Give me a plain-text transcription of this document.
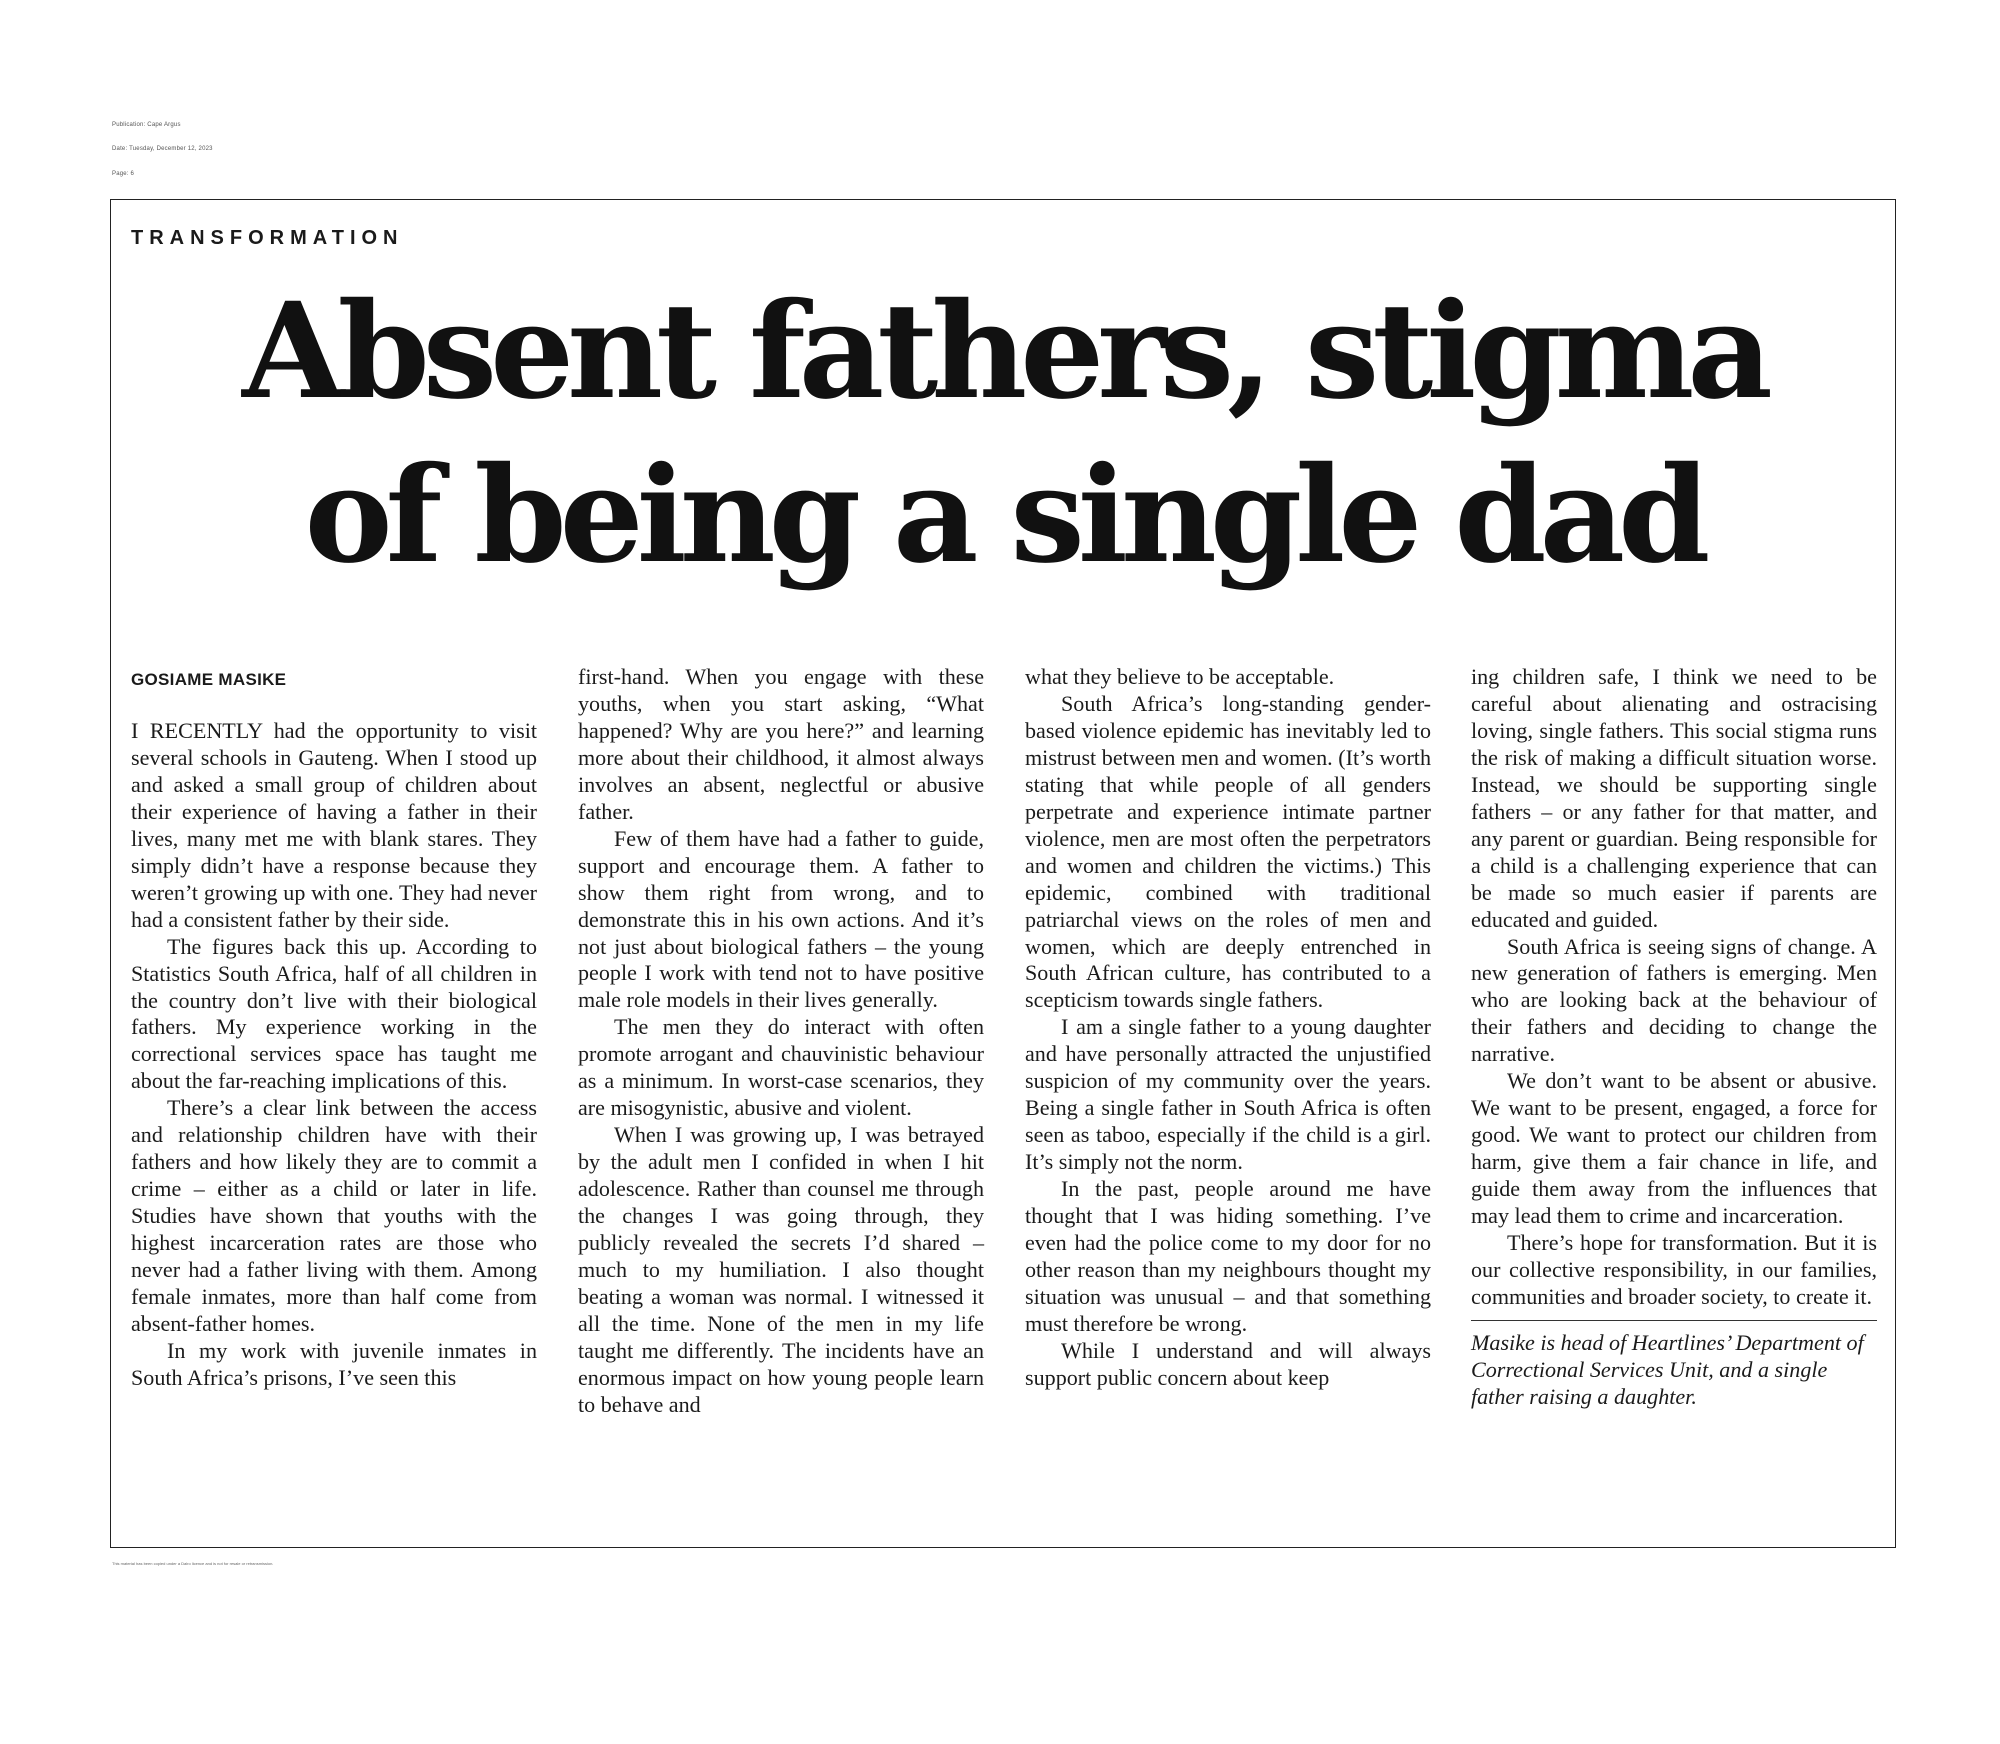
Publication: Cape Argus
Date: Tuesday, December 12, 2023
Page: 6
TRANSFORMATION
Absent fathers, stigma
of being a single dad
GOSIAME MASIKE

I RECENTLY had the opportunity to visit several schools in Gauteng. When I stood up and asked a small group of children about their experience of having a father in their lives, many met me with blank stares. They simply didn’t have a response because they weren’t growing up with one. They had never had a consistent father by their side.

The figures back this up. According to Statistics South Africa, half of all children in the country don’t live with their biological fathers. My experience working in the correctional services space has taught me about the far-reaching implications of this.

There’s a clear link between the access and relationship children have with their fathers and how likely they are to commit a crime – either as a child or later in life. Studies have shown that youths with the highest incarceration rates are those who never had a father living with them. Among female inmates, more than half come from absent-father homes.

In my work with juvenile inmates in South Africa’s prisons, I’ve seen this

first-hand. When you engage with these youths, when you start asking, “What happened? Why are you here?” and learning more about their childhood, it almost always involves an absent, neglectful or abusive father.

Few of them have had a father to guide, support and encourage them. A father to show them right from wrong, and to demonstrate this in his own actions. And it’s not just about biological fathers – the young people I work with tend not to have positive male role models in their lives generally.

The men they do interact with often promote arrogant and chauvinistic behaviour as a minimum. In worst-case scenarios, they are misogynistic, abusive and violent.

When I was growing up, I was betrayed by the adult men I confided in when I hit adolescence. Rather than counsel me through the changes I was going through, they publicly revealed the secrets I’d shared – much to my humiliation. I also thought beating a woman was normal. I witnessed it all the time. None of the men in my life taught me differently. The incidents have an enormous impact on how young people learn to behave and

what they believe to be acceptable.

South Africa’s long-standing gender-based violence epidemic has inevitably led to mistrust between men and women. (It’s worth stating that while people of all genders perpetrate and experience intimate partner violence, men are most often the perpetrators and women and children the victims.) This epidemic, combined with traditional patriarchal views on the roles of men and women, which are deeply entrenched in South African culture, has contributed to a scepticism towards single fathers.

I am a single father to a young daughter and have personally attracted the unjustified suspicion of my community over the years. Being a single father in South Africa is often seen as taboo, especially if the child is a girl. It’s simply not the norm.

In the past, people around me have thought that I was hiding something. I’ve even had the police come to my door for no other reason than my neighbours thought my situation was unusual – and that something must therefore be wrong.

While I understand and will always support public concern about keep

ing children safe, I think we need to be careful about alienating and ostracising loving, single fathers. This social stigma runs the risk of making a difficult situation worse. Instead, we should be supporting single fathers – or any father for that matter, and any parent or guardian. Being responsible for a child is a challenging experience that can be made so much easier if parents are educated and guided.

South Africa is seeing signs of change. A new generation of fathers is emerging. Men who are looking back at the behaviour of their fathers and deciding to change the narrative.

We don’t want to be absent or abusive. We want to be present, engaged, a force for good. We want to protect our children from harm, give them a fair chance in life, and guide them away from the influences that may lead them to crime and incarceration.

There’s hope for transformation. But it is our collective responsibility, in our families, communities and broader society, to create it.

Masike is head of Heartlines’ Department of Correctional Services Unit, and a single father raising a daughter.

This material has been copied under a Dalro licence and is not for resale or retransmission.
